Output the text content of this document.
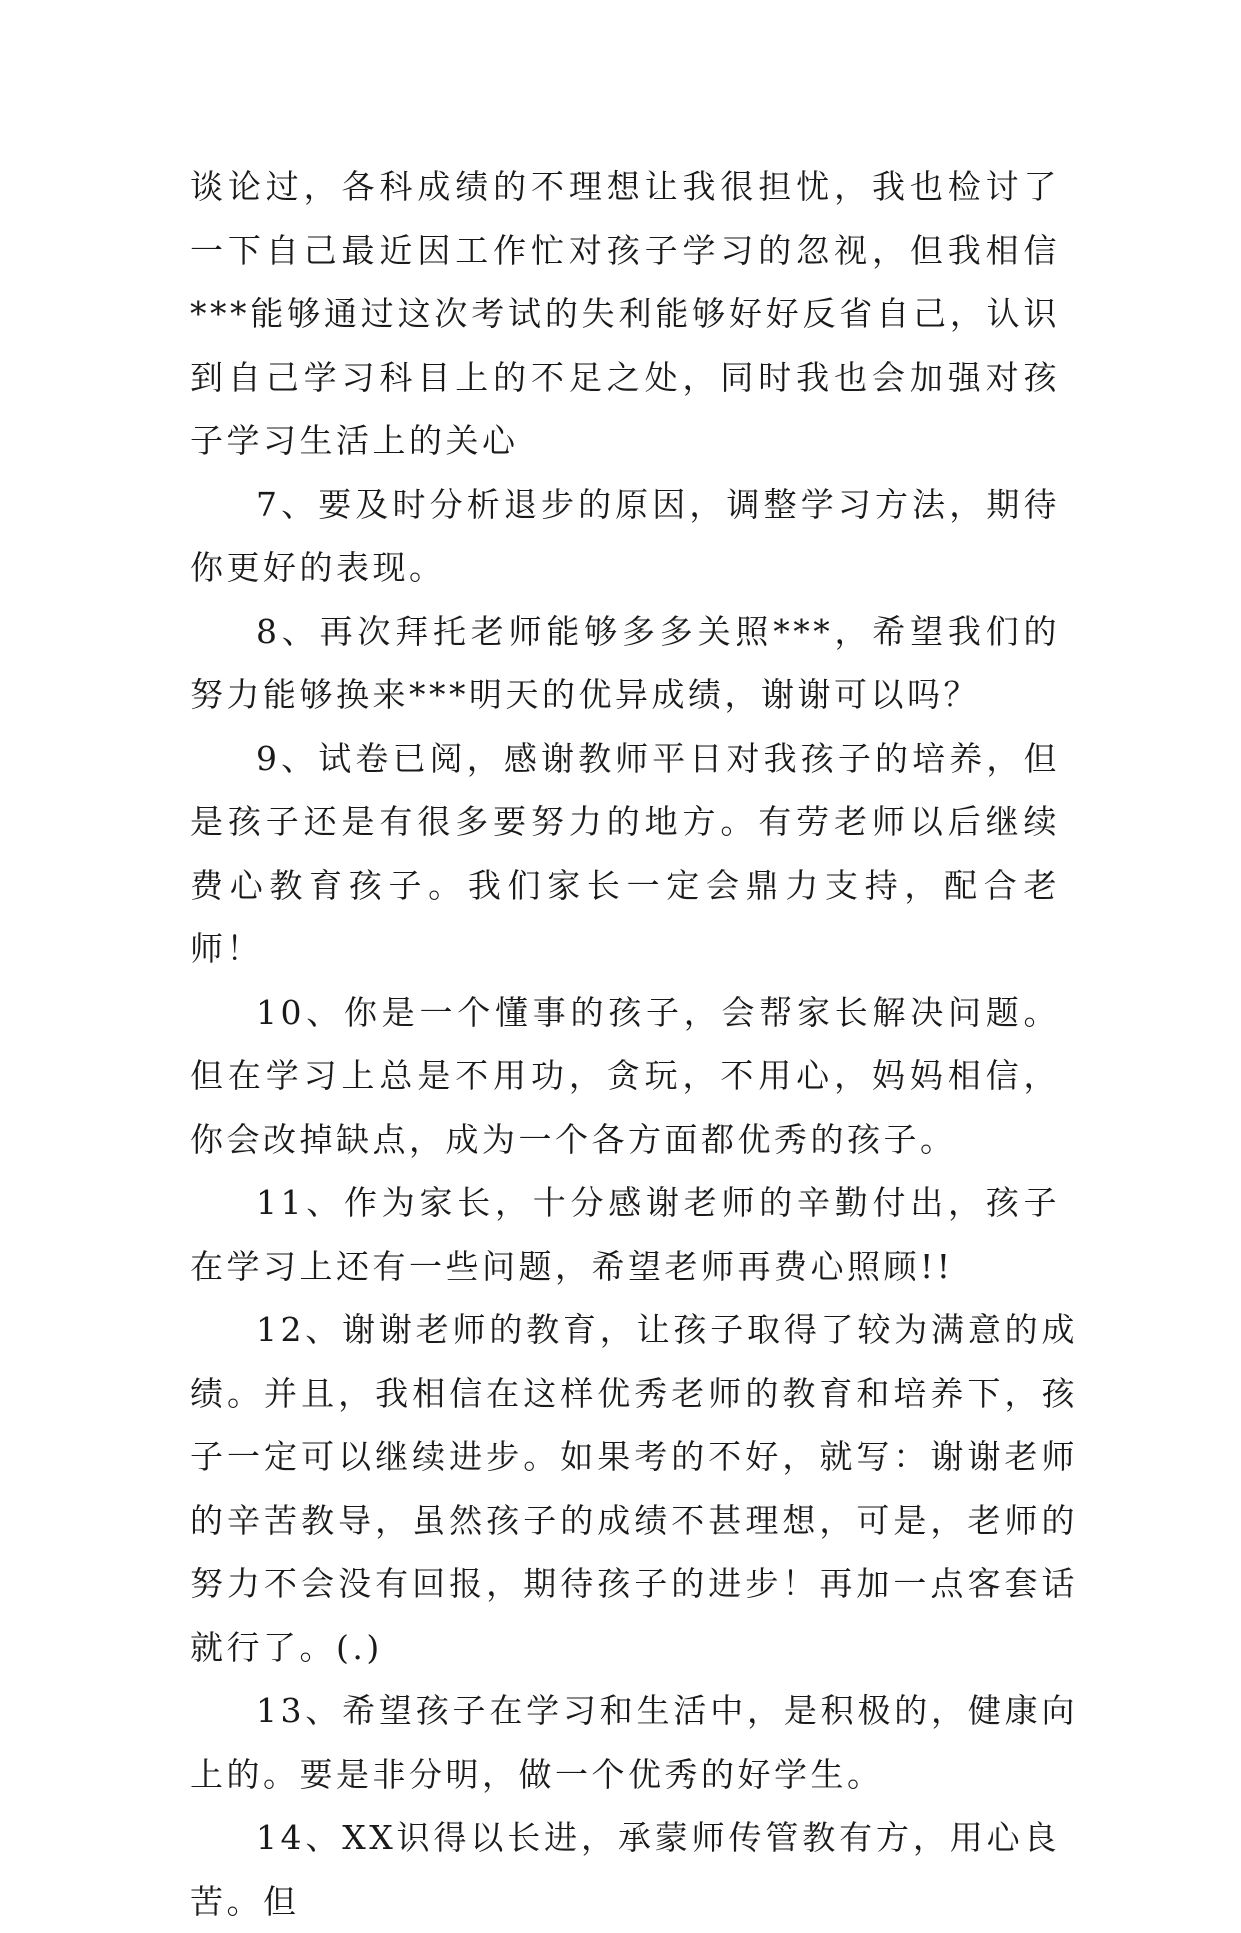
谈论过，各科成绩的不理想让我很担忧，我也检讨了一下自己最近因工作忙对孩子学习的忽视，但我相信***能够通过这次考试的失利能够好好反省自己，认识到自己学习科目上的不足之处，同时我也会加强对孩子学习生活上的关心

7、要及时分析退步的原因，调整学习方法，期待你更好的表现。

8、再次拜托老师能够多多关照***，希望我们的努力能够换来***明天的优异成绩，谢谢可以吗？

9、试卷已阅，感谢教师平日对我孩子的培养，但是孩子还是有很多要努力的地方。有劳老师以后继续费心教育孩子。我们家长一定会鼎力支持，配合老师！

10、你是一个懂事的孩子，会帮家长解决问题。但在学习上总是不用功，贪玩，不用心，妈妈相信，你会改掉缺点，成为一个各方面都优秀的孩子。

11、作为家长，十分感谢老师的辛勤付出，孩子在学习上还有一些问题，希望老师再费心照顾!!

12、谢谢老师的教育，让孩子取得了较为满意的成绩。并且，我相信在这样优秀老师的教育和培养下，孩子一定可以继续进步。如果考的不好，就写：谢谢老师的辛苦教导，虽然孩子的成绩不甚理想，可是，老师的努力不会没有回报，期待孩子的进步！再加一点客套话就行了。(.)

13、希望孩子在学习和生活中，是积极的，健康向上的。要是非分明，做一个优秀的好学生。

14、XX识得以长进，承蒙师传管教有方，用心良苦。但
